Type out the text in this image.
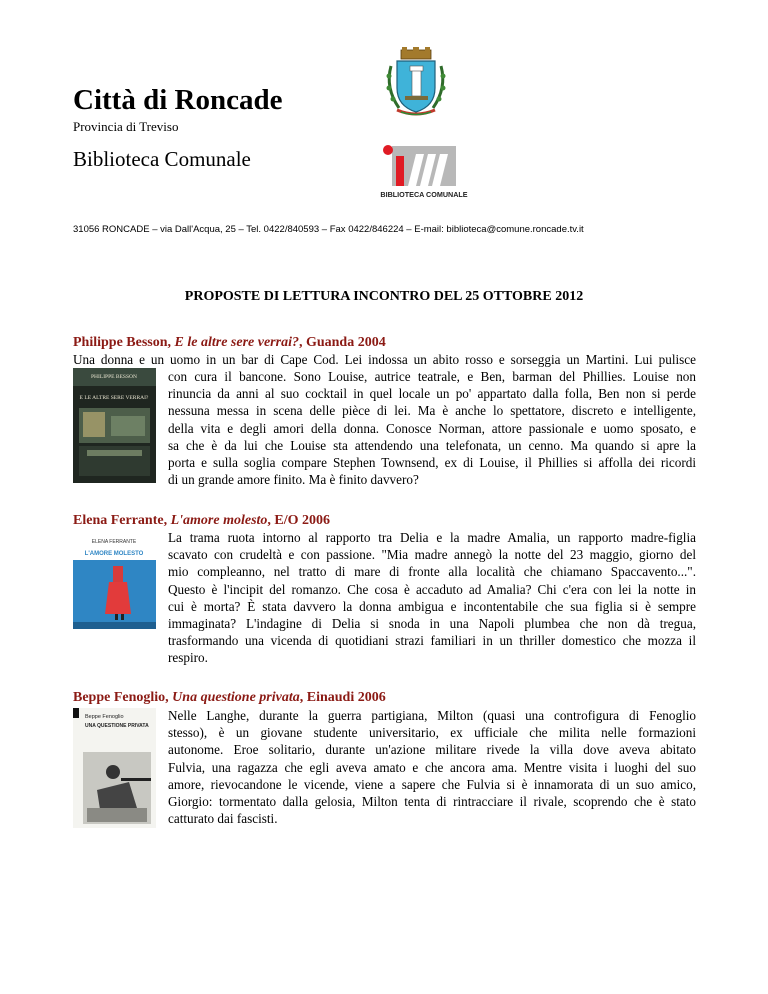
Città di Roncade
Provincia di Treviso
Biblioteca Comunale
31056 RONCADE – via Dall'Acqua, 25 – Tel. 0422/840593 – Fax 0422/846224 – E-mail: biblioteca@comune.roncade.tv.it
BIBLIOTECA COMUNALE
PROPOSTE DI LETTURA INCONTRO DEL 25 OTTOBRE 2012
Philippe Besson, E le altre sere verrai?, Guanda 2004
Una donna e un uomo in un bar di Cape Cod. Lei indossa un abito rosso e sorseggia un Martini. Lui pulisce
con cura il bancone. Sono Louise, autrice teatrale, e Ben, barman del Phillies. Louise non
rinuncia da anni al suo cocktail in quel locale un po' appartato dalla folla, Ben non si perde
nessuna messa in scena delle pièce di lei. Ma è anche lo spettatore, discreto e intelligente,
della vita e degli amori della donna. Conosce Norman, attore passionale e uomo sposato, e
sa che è da lui che Louise sta attendendo una telefonata, un cenno. Ma quando si apre la
porta e sulla soglia compare Stephen Townsend, ex di Louise, il Phillies si affolla dei ricordi
di un grande amore finito. Ma è finito davvero?
PHILIPPE BESSON
E LE ALTRE SERE VERRAI?
Elena Ferrante, L'amore molesto, E/O 2006
ELENA FERRANTE
L'AMORE MOLESTO
La trama ruota intorno al rapporto tra Delia e la madre Amalia, un rapporto madre-figlia
scavato con crudeltà e con passione. "Mia madre annegò la notte del 23 maggio, giorno del
mio compleanno, nel tratto di mare di fronte alla località che chiamano Spaccavento...".
Questo è l'incipit del romanzo. Che cosa è accaduto ad Amalia? Chi c'era con lei la notte in
cui è morta? È stata davvero la donna ambigua e incontentabile che sua figlia si è sempre
immaginata? L'indagine di Delia si snoda in una Napoli plumbea che non dà tregua,
trasformando una vicenda di quotidiani strazi familiari in un thriller domestico che mozza il
respiro.
Beppe Fenoglio, Una questione privata, Einaudi 2006
Beppe Fenoglio
UNA QUESTIONE PRIVATA
Nelle Langhe, durante la guerra partigiana, Milton (quasi una controfigura di Fenoglio
stesso), è un giovane studente universitario, ex ufficiale che milita nelle formazioni
autonome. Eroe solitario, durante un'azione militare rivede la villa dove aveva abitato
Fulvia, una ragazza che egli aveva amato e che ancora ama. Mentre visita i luoghi del suo
amore, rievocandone le vicende, viene a sapere che Fulvia si è innamorata di un suo amico,
Giorgio: tormentato dalla gelosia, Milton tenta di rintracciare il rivale, scoprendo che è stato
catturato dai fascisti.
